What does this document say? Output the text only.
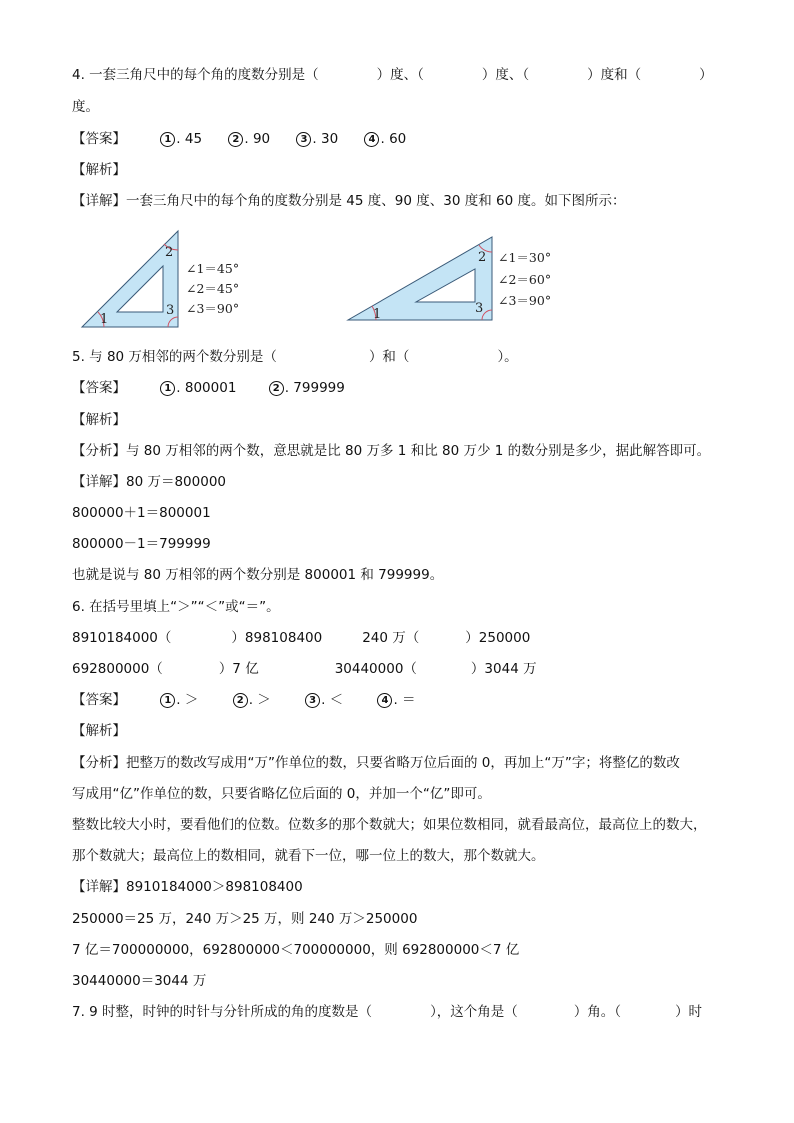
4. 一套三角尺中的每个角的度数分别是（	）度、（	）度、（	）度和（	）
度。
【答案】	1 . 45	2 . 90	3 . 30	4 . 60
【解析】
【详解】一套三角尺中的每个角的度数分别是 45 度、90 度、30 度和 60 度。如下图所示：
1
2
3
∠1＝45°
∠2＝45°
∠3＝90°	1
2
3
∠1＝30°
∠2＝60°
∠3＝90°
5. 与 80 万相邻的两个数分别是（	）和（	）。
【答案】	1 . 800001	2 . 799999
【解析】
【分析】与 80 万相邻的两个数，意思就是比 80 万多 1 和比 80 万少 1 的数分别是多少，据此解答即可。
【详解】80 万＝800000
800000＋1＝800001
800000－1＝799999
也就是说与 80 万相邻的两个数分别是 800001 和 799999。
6. 在括号里填上“＞”“＜”或“＝”。
8910184000（	）898108400	240 万（	）250000
692800000（	）7 亿	30440000（	）3044 万
【答案】	1 . ＞	2 . ＞	3 . ＜	4 . ＝
【解析】
【分析】把整万的数改写成用“万”作单位的数，只要省略万位后面的 0，再加上“万”字；将整亿的数改
写成用“亿”作单位的数，只要省略亿位后面的 0，并加一个“亿”即可。
整数比较大小时，要看他们的位数。位数多的那个数就大；如果位数相同，就看最高位，最高位上的数大，
那个数就大；最高位上的数相同，就看下一位，哪一位上的数大，那个数就大。
【详解】8910184000＞898108400
250000＝25 万，240 万＞25 万，则 240 万＞250000
7 亿＝700000000，692800000＜700000000，则 692800000＜7 亿
30440000＝3044 万
7. 9 时整，时钟的时针与分针所成的角的度数是（	），这个角是（	）角。（	）时
